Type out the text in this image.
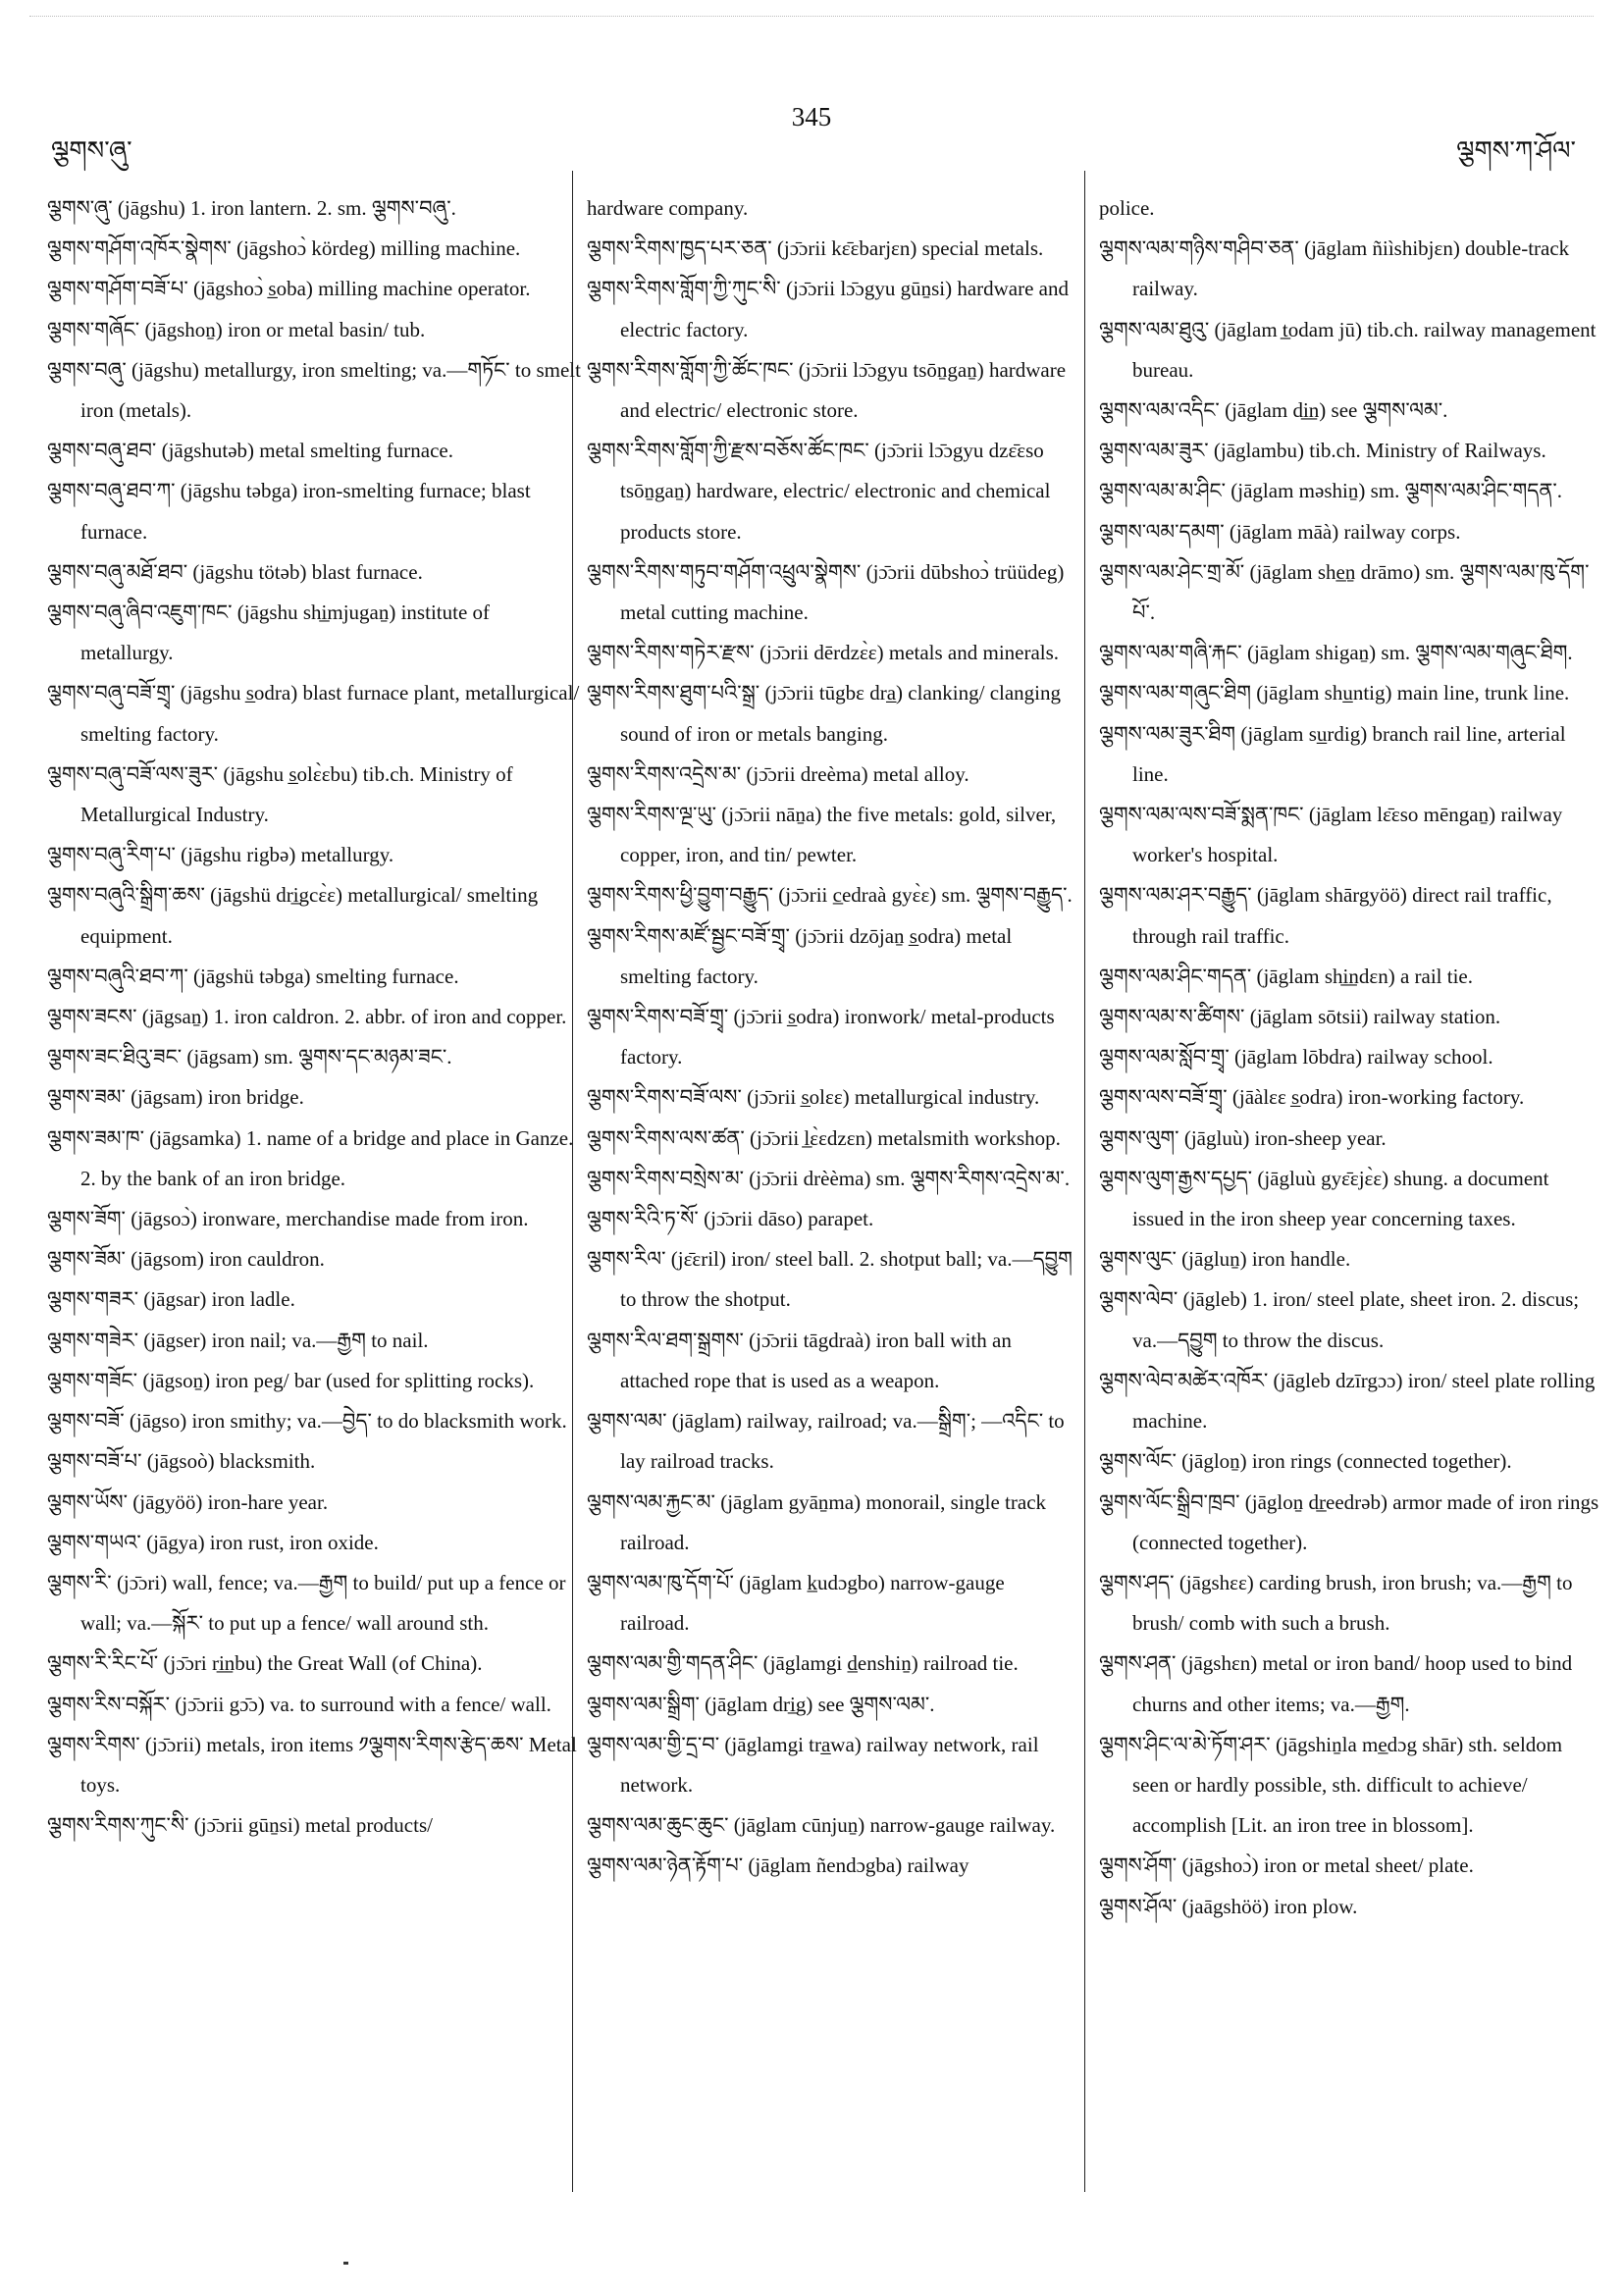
ལྕགས་ཞུ་
345
ལྕགས་ཀ་ཤོལ་

ལྕགས་ཞུ་ (jāgshu) 1. iron lantern. 2. sm. ལྕགས་བཞུ་.

ལྕགས་གཤོག་འཁོར་སྣེགས་ (jāgshoɔ̀ kördeg) milling machine.

ལྕགས་གཤོག་བཟོ་པ་ (jāgshoɔ̀ s̲oba) milling machine operator.

ལྕགས་གཞོང་ (jāgshoṉ) iron or metal basin/ tub.

ལྕགས་བཞུ་ (jāgshu) metallurgy, iron smelting; va.—གཏོང་ to smelt iron (metals).

ལྕགས་བཞུ་ཐབ་ (jāgshutəb) metal smelting furnace.

ལྕགས་བཞུ་ཐབ་ཀ་ (jāgshu təbga) iron-smelting furnace; blast furnace.

ལྕགས་བཞུ་མཐོ་ཐབ་ (jāgshu tötəb) blast furnace.

ལྕགས་བཞུ་ཞིབ་འཇུག་ཁང་ (jāgshu shi̲mjugaṉ) institute of metallurgy.

ལྕགས་བཞུ་བཟོ་གྲྭ་ (jāgshu s̲odra) blast furnace plant, metallurgical/ smelting factory.

ལྕགས་བཞུ་བཟོ་ལས་ཟུར་ (jāgshu s̲olɛ̀ɛbu) tib.ch. Ministry of Metallurgical Industry.

ལྕགས་བཞུ་རིག་པ་ (jāgshu rigbə) metallurgy.

ལྕགས་བཞུའི་སྒྲིག་ཆས་ (jāgshü dri̲gcɛ̀ɛ) metallurgical/ smelting equipment.

ལྕགས་བཞུའི་ཐབ་ཀ་ (jāgshü təbga) smelting furnace.

ལྕགས་ཟངས་ (jāgsaṉ) 1. iron caldron. 2. abbr. of iron and copper.

ལྕགས་ཟང་ཐིའུ་ཟང་ (jāgsam) sm. ལྕགས་དང་མཉམ་ཟང་.

ལྕགས་ཟམ་ (jāgsam) iron bridge.

ལྕགས་ཟམ་ཁ་ (jāgsamka) 1. name of a bridge and place in Ganze. 2. by the bank of an iron bridge.

ལྕགས་ཟོག་ (jāgsoɔ̀) ironware, merchandise made from iron.

ལྕགས་ཟོམ་ (jāgsom) iron cauldron.

ལྕགས་གཟར་ (jāgsar) iron ladle.

ལྕགས་གཟེར་ (jāgser) iron nail; va.—རྒྱག to nail.

ལྕགས་གཟོང་ (jāgsoṉ) iron peg/ bar (used for splitting rocks).

ལྕགས་བཟོ་ (jāgso) iron smithy; va.—བྱེད་ to do blacksmith work.

ལྕགས་བཟོ་པ་ (jāgsoò) blacksmith.

ལྕགས་ཡོས་ (jāgyöö) iron-hare year.

ལྕགས་གཡའ་ (jāgya) iron rust, iron oxide.

ལྕགས་རི་ (jɔ̄ɔri) wall, fence; va.—རྒྱག to build/ put up a fence or wall; va.—སྐོར་ to put up a fence/ wall around sth.

ལྕགས་རི་རིང་པོ་ (jɔ̄ɔri ri̲ṉbu) the Great Wall (of China).

ལྕགས་རིས་བསྐོར་ (jɔ̄ɔrii gɔ̄ɔ) va. to surround with a fence/ wall.

ལྕགས་རིགས་ (jɔ̄ɔrii) metals, iron items ༡ལྕགས་རིགས་རྩེད་ཆས་ Metal toys.

ལྕགས་རིགས་ཀུང་སི་ (jɔ̄ɔrii gūṉsi) metal products/

hardware company.

ལྕགས་རིགས་ཁྱད་པར་ཅན་ (jɔ̄ɔrii kɛ̄ɛbarjɛn) special metals.

ལྕགས་རིགས་གློག་ཀྱི་ཀུང་སི་ (jɔ̄ɔrii lɔ̄ɔgyu gūṉsi) hardware and electric factory.

ལྕགས་རིགས་གློག་ཀྱི་ཚོང་ཁང་ (jɔ̄ɔrii lɔ̄ɔgyu tsōṉgaṉ) hardware and electric/ electronic store.

ལྕགས་རིགས་གློག་ཀྱི་རྫས་བཅོས་ཚོང་ཁང་ (jɔ̄ɔrii lɔ̄ɔgyu dzɛ̄ɛso tsōṉgaṉ) hardware, electric/ electronic and chemical products store.

ལྕགས་རིགས་གཏུབ་གཤོག་འཕྲུལ་སྣེགས་ (jɔ̄ɔrii dūbshoɔ̀ trüüdeg) metal cutting machine.

ལྕགས་རིགས་གཏེར་རྫས་ (jɔ̄ɔrii dērdzɛ̀ɛ) metals and minerals.

ལྕགས་རིགས་ཐུག་པའི་སྒྲ་ (jɔ̄ɔrii tūgbɛ dra̲) clanking/ clanging sound of iron or metals banging.

ལྕགས་རིགས་འདྲེས་མ་ (jɔ̄ɔrii dreèma) metal alloy.

ལྕགས་རིགས་ལྔ་ཡུ་ (jɔ̄ɔrii nāṉa) the five metals: gold, silver, copper, iron, and tin/ pewter.

ལྕགས་རིགས་ཕྱི་བྱུག་བརྒྱུད་ (jɔ̄ɔrii c̲edraà gyɛ̀ɛ) sm. ལྕགས་བརྒྱུད་.

ལྕགས་རིགས་མཛོ་སྦྱང་བཟོ་གྲྭ་ (jɔ̄ɔrii dzōjaṉ s̲odra) metal smelting factory.

ལྕགས་རིགས་བཟོ་གྲྭ་ (jɔ̄ɔrii s̲odra) ironwork/ metal-products factory.

ལྕགས་རིགས་བཟོ་ལས་ (jɔ̄ɔrii s̲olɛɛ) metallurgical industry.

ལྕགས་རིགས་ལས་ཚན་ (jɔ̄ɔrii l̲ɛ̀ɛdzɛn) metalsmith workshop.

ལྕགས་རིགས་བསྲེས་མ་ (jɔ̄ɔrii drèèma) sm. ལྕགས་རིགས་འདྲེས་མ་.

ལྕགས་རིའི་ཏ་སོ་ (jɔ̄ɔrii dāso) parapet.

ལྕགས་རིལ་ (jɛ̄ɛril) iron/ steel ball. 2. shotput ball; va.—དབྱུག to throw the shotput.

ལྕགས་རིལ་ཐག་སྒྲགས་ (jɔ̄ɔrii tāgdraà) iron ball with an attached rope that is used as a weapon.

ལྕགས་ལམ་ (jāglam) railway, railroad; va.—སྒྲིག་; —འདིང་ to lay railroad tracks.

ལྕགས་ལམ་རྐྱང་མ་ (jāglam gyāṉma) monorail, single track railroad.

ལྕགས་ལམ་ཁུ་དོག་པོ་ (jāglam k̲udɔgbo) narrow-gauge railroad.

ལྕགས་ལམ་གྱི་གདན་ཤིང་ (jāglamgi d̲enshiṉ) railroad tie.

ལྕགས་ལམ་སྒྲིག་ (jāglam dri̲g) see ལྕགས་ལམ་.

ལྕགས་ལམ་གྱི་དྲ་བ་ (jāglamgi tra̲wa) railway network, rail network.

ལྕགས་ལམ་ཆུང་ཆུང་ (jāglam cūnjuṉ) narrow-gauge railway.

ལྕགས་ལམ་ཉེན་རྟོག་པ་ (jāglam ñendɔgba) railway

police.

ལྕགས་ལམ་གཉིས་གཤིབ་ཅན་ (jāglam ñiìshibjɛn) double-track railway.

ལྕགས་ལམ་ཐུའུ་ (jāglam t̲odam jū) tib.ch. railway management bureau.

ལྕགས་ལམ་འདིང་ (jāglam di̲ṉ) see ལྕགས་ལམ་.

ལྕགས་ལམ་ཟུར་ (jāglambu) tib.ch. Ministry of Railways.

ལྕགས་ལམ་མ་ཤིང་ (jāglam məshiṉ) sm. ལྕགས་ལམ་ཤིང་གདན་.

ལྕགས་ལམ་དམག་ (jāglam māà) railway corps.

ལྕགས་ལམ་ཤེང་གྲ་མོ་ (jāglam she̲ṉ drāmo) sm. ལྕགས་ལམ་ཁུ་དོག་པོ་.

ལྕགས་ལམ་གཞི་རྐང་ (jāglam shigaṉ) sm. ལྕགས་ལམ་གཞུང་ཐིག.

ལྕགས་ལམ་གཞུང་ཐིག (jāglam shu̲ntig) main line, trunk line.

ལྕགས་ལམ་ཟུར་ཐིག (jāglam su̲rdig) branch rail line, arterial line.

ལྕགས་ལམ་ལས་བཟོ་སྨན་ཁང་ (jāglam lɛ̄ɛso mēngaṉ) railway worker's hospital.

ལྕགས་ལམ་ཤར་བརྒྱུད་ (jāglam shārgyöö) direct rail traffic, through rail traffic.

ལྕགས་ལམ་ཤིང་གདན་ (jāglam shi̲ṉdɛn) a rail tie.

ལྕགས་ལམ་ས་ཚིགས་ (jāglam sōtsii) railway station.

ལྕགས་ལམ་སློབ་གྲྭ་ (jāglam lōbdra) railway school.

ལྕགས་ལས་བཟོ་གྲྭ་ (jāàlɛɛ s̲odra) iron-working factory.

ལྕགས་ལུག་ (jāgluù) iron-sheep year.

ལྕགས་ལུག་རྒྱས་དཔྱད་ (jāgluù gyɛ̄ɛjɛ̀ɛ) shung. a document issued in the iron sheep year concerning taxes.

ལྕགས་ལུང་ (jāgluṉ) iron handle.

ལྕགས་ལེབ་ (jāgleb) 1. iron/ steel plate, sheet iron. 2. discus; va.—དབྱུག to throw the discus.

ལྕགས་ལེབ་མཚེར་འཁོར་ (jāgleb dzīrgɔɔ) iron/ steel plate rolling machine.

ལྕགས་ལོང་ (jāgloṉ) iron rings (connected together).

ལྕགས་ལོང་སྒྲིབ་ཁྲབ་ (jāgloṉ dr̲eedrəb) armor made of iron rings (connected together).

ལྕགས་ཤད་ (jāgshɛɛ) carding brush, iron brush; va.—རྒྱག to brush/ comb with such a brush.

ལྕགས་ཤན་ (jāgshɛn) metal or iron band/ hoop used to bind churns and other items; va.—རྒྱག.

ལྕགས་ཤིང་ལ་མེ་ཏོག་ཤར་ (jāgshiṉla me̲dɔg shār) sth. seldom seen or hardly possible, sth. difficult to achieve/ accomplish [Lit. an iron tree in blossom].

ལྕགས་ཤོག་ (jāgshoɔ̀) iron or metal sheet/ plate.

ལྕགས་ཤོལ་ (jaāgshöö) iron plow.
